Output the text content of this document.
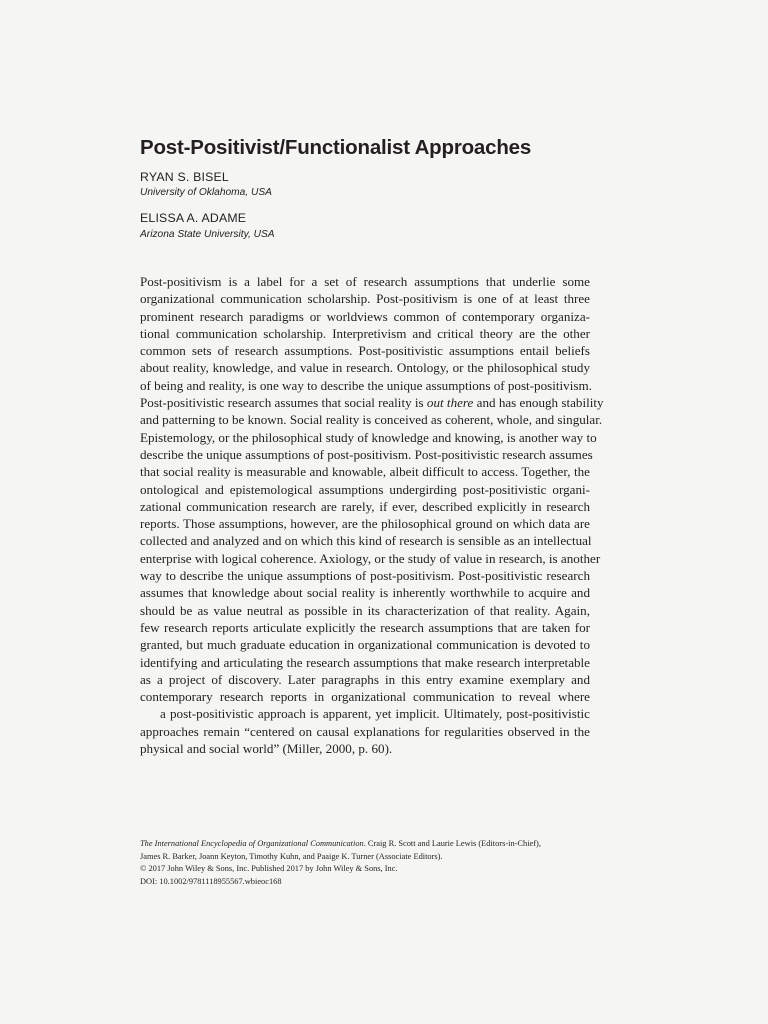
Post-Positivist/Functionalist Approaches

RYAN S. BISEL

University of Oklahoma, USA

ELISSA A. ADAME

Arizona State University, USA

Post-positivism is a label for a set of research assumptions that underlie some
organizational communication scholarship. Post-positivism is one of at least three
prominent research paradigms or worldviews common of contemporary organiza-
tional communication scholarship. Interpretivism and critical theory are the other
common sets of research assumptions. Post-positivistic assumptions entail beliefs
about reality, knowledge, and value in research. Ontology, or the philosophical study
of being and reality, is one way to describe the unique assumptions of post-positivism.
Post-positivistic research assumes that social reality is out there and has enough stability
and patterning to be known. Social reality is conceived as coherent, whole, and singular.
Epistemology, or the philosophical study of knowledge and knowing, is another way to
describe the unique assumptions of post-positivism. Post-positivistic research assumes
that social reality is measurable and knowable, albeit difficult to access. Together, the
ontological and epistemological assumptions undergirding post-positivistic organi-
zational communication research are rarely, if ever, described explicitly in research
reports. Those assumptions, however, are the philosophical ground on which data are
collected and analyzed and on which this kind of research is sensible as an intellectual
enterprise with logical coherence. Axiology, or the study of value in research, is another
way to describe the unique assumptions of post-positivism. Post-positivistic research
assumes that knowledge about social reality is inherently worthwhile to acquire and
should be as value neutral as possible in its characterization of that reality. Again,
few research reports articulate explicitly the research assumptions that are taken for
granted, but much graduate education in organizational communication is devoted to
identifying and articulating the research assumptions that make research interpretable
as a project of discovery. Later paragraphs in this entry examine exemplary and
contemporary research reports in organizational communication to reveal where
a post-positivistic approach is apparent, yet implicit. Ultimately, post-positivistic
approaches remain “centered on causal explanations for regularities observed in the
physical and social world” (Miller, 2000, p. 60).
The International Encyclopedia of Organizational Communication. Craig R. Scott and Laurie Lewis (Editors-in-Chief),
James R. Barker, Joann Keyton, Timothy Kuhn, and Paaige K. Turner (Associate Editors).
© 2017 John Wiley & Sons, Inc. Published 2017 by John Wiley & Sons, Inc.
DOI: 10.1002/9781118955567.wbieoc168
